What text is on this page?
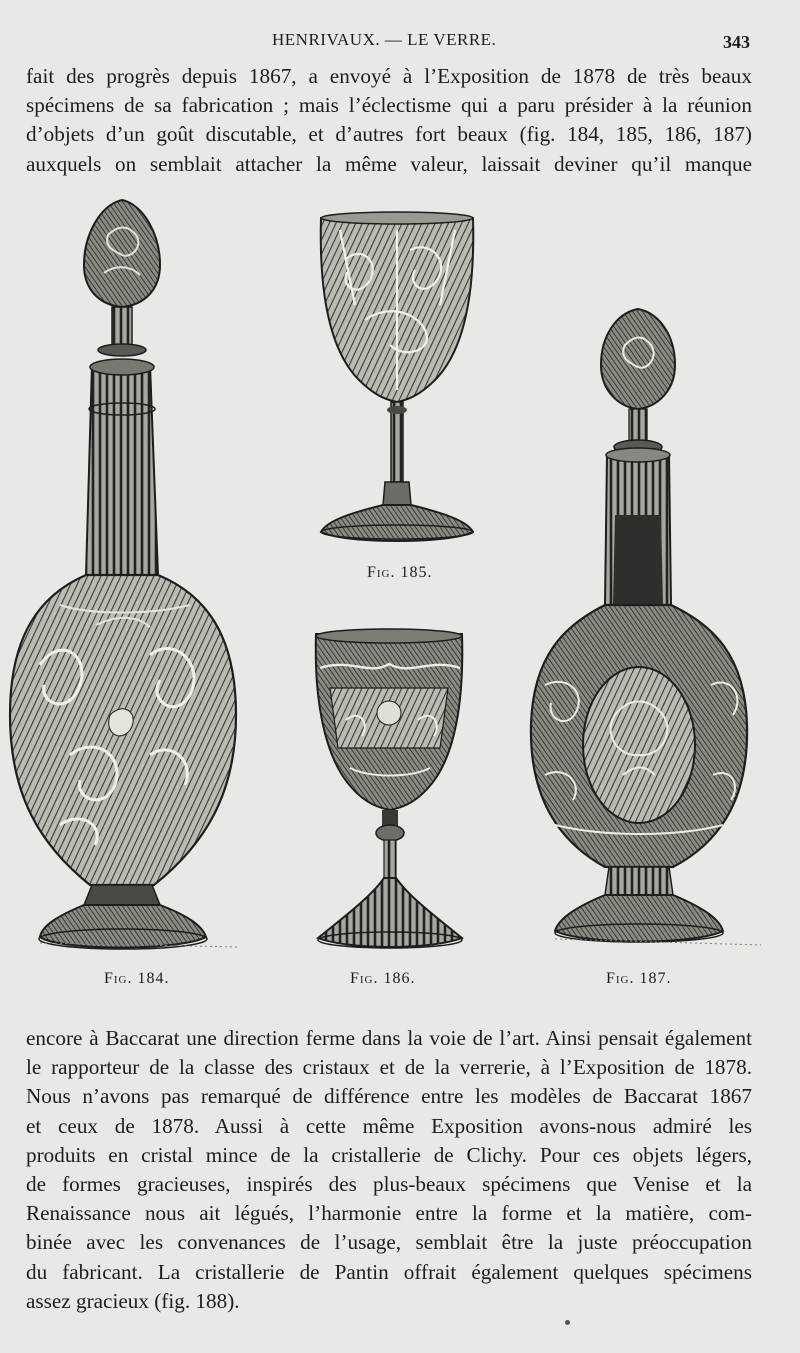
HENRIVAUX. — LE VERRE.	343
fait des progrès depuis 1867, a envoyé à l’Exposition de 1878 de très beaux
spécimens de sa fabrication ; mais l’éclectisme qui a paru présider à la réunion
d’objets d’un goût discutable, et d’autres fort beaux (fig. 184, 185, 186, 187)
auxquels on semblait attacher la même valeur, laissait deviner qu’il manque
Fig. 184.
Fig. 185.
Fig. 186.	Fig. 187.
encore à Baccarat une direction ferme dans la voie de l’art. Ainsi pensait également
le rapporteur de la classe des cristaux et de la verrerie, à l’Exposition de 1878.
Nous n’avons pas remarqué de différence entre les modèles de Baccarat 1867
et ceux de 1878. Aussi à cette même Exposition avons-nous admiré les
produits en cristal mince de la cristallerie de Clichy. Pour ces objets légers,
de formes gracieuses, inspirés des plus-beaux spécimens que Venise et la
Renaissance nous ait légués, l’harmonie entre la forme et la matière, com-
binée avec les convenances de l’usage, semblait être la juste préoccupation
du fabricant. La cristallerie de Pantin offrait également quelques spécimens
assez gracieux (fig. 188).
